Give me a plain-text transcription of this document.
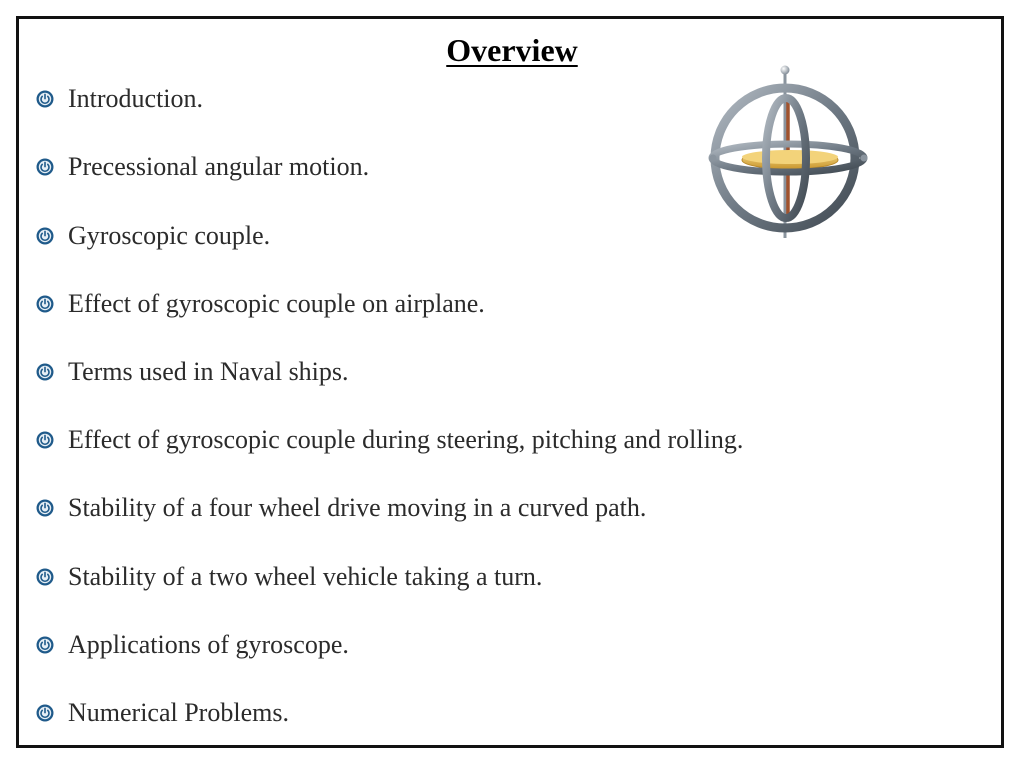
Overview
Introduction.
Precessional angular motion.
Gyroscopic couple.
Effect of gyroscopic couple on airplane.
Terms used in Naval ships.
Effect of gyroscopic couple during steering, pitching and rolling.
Stability of a four wheel drive moving in a curved path.
Stability of a two wheel vehicle taking a turn.
Applications of gyroscope.
Numerical Problems.
